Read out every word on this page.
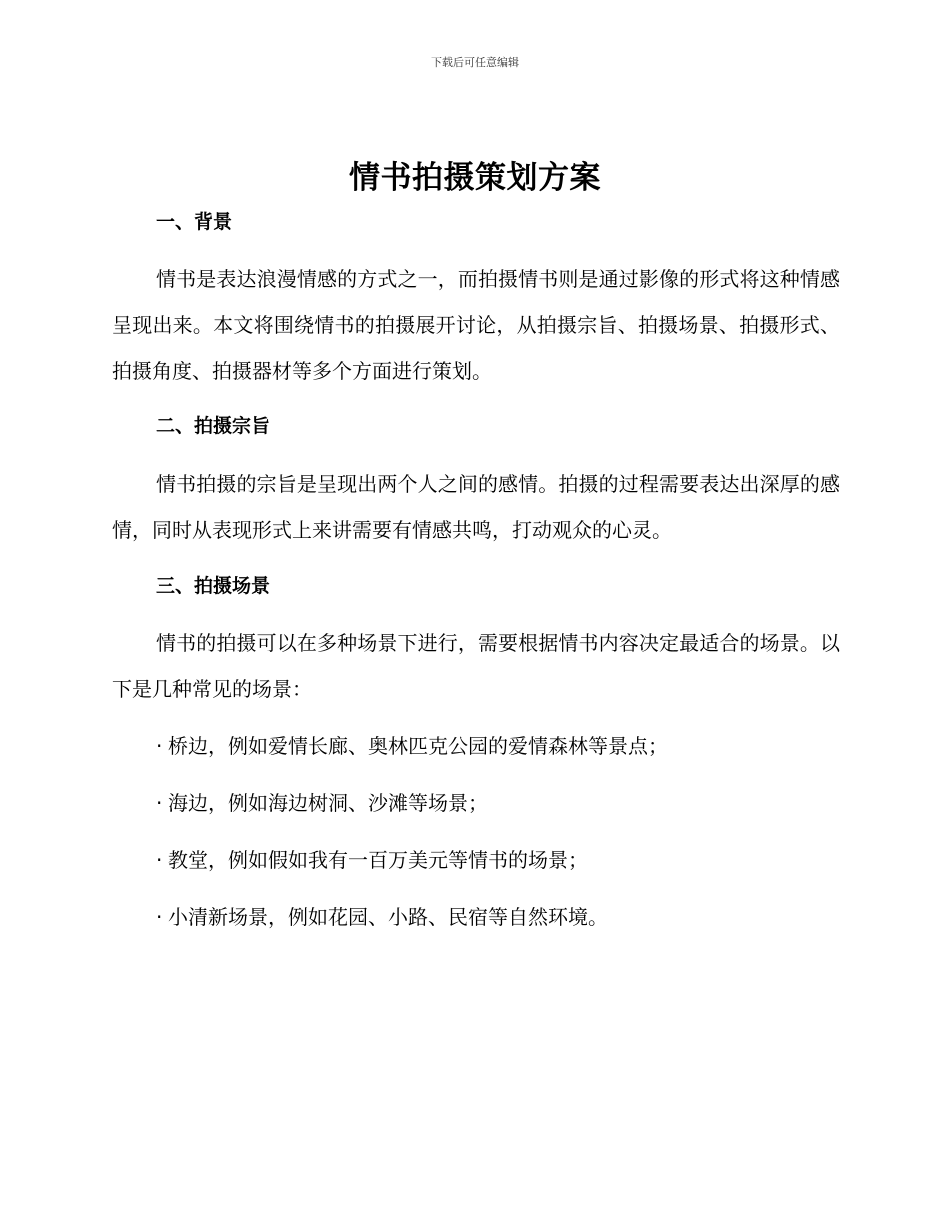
下载后可任意编辑
情书拍摄策划方案
一、背景

情书是表达浪漫情感的方式之一，而拍摄情书则是通过影像的形式将这种情感呈现出来。本文将围绕情书的拍摄展开讨论，从拍摄宗旨、拍摄场景、拍摄形式、拍摄角度、拍摄器材等多个方面进行策划。

二、拍摄宗旨

情书拍摄的宗旨是呈现出两个人之间的感情。拍摄的过程需要表达出深厚的感情，同时从表现形式上来讲需要有情感共鸣，打动观众的心灵。

三、拍摄场景

情书的拍摄可以在多种场景下进行，需要根据情书内容决定最适合的场景。以下是几种常见的场景：

· 桥边，例如爱情长廊、奥林匹克公园的爱情森林等景点；
· 海边，例如海边树洞、沙滩等场景；
· 教堂，例如假如我有一百万美元等情书的场景；
· 小清新场景，例如花园、小路、民宿等自然环境。
